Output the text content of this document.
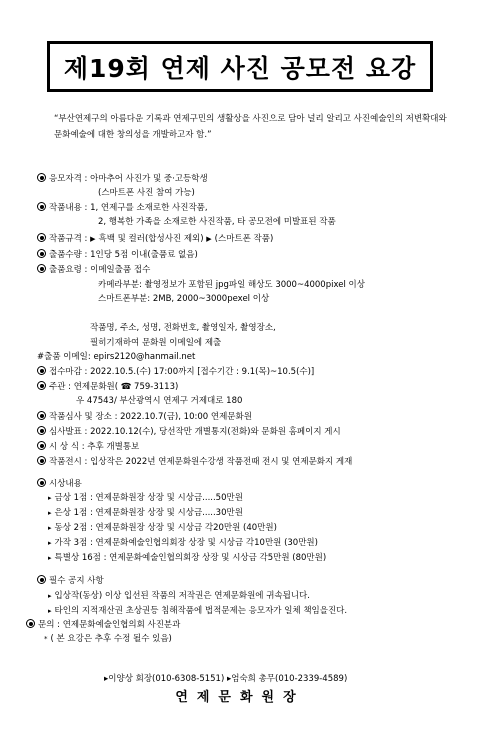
제19회 연제 사진 공모전 요강
“부산연제구의 아름다운 기록과 연제구민의 생활상을 사진으로 담아 널리 알리고 사진예술인의 저변확대와 문화예술에 대한 창의성을 개발하고자 함.”
응모자격 : 아마추어 사진가 및 중·고등학생
(스마트폰 사진 참여 가능)
작품내용 : 1, 연제구를 소재로한 사진작품,
2, 행복한 가족을 소재로한 사진작품, 타 공모전에 미발표된 작품
작품규격 : ▶ 흑백 및 컬러(합성사진 제외) ▶ (스마트폰 작품)
출품수량 : 1인당 5점 이내(출품료 없음)
출품요령 : 이메일출품 접수
카메라부분: 촬영정보가 포함된 jpg파일 해상도 3000~4000pixel 이상
스마트폰부분: 2MB, 2000~3000pexel 이상
작품명, 주소, 성명, 전화번호, 촬영일자, 촬영장소,
필히기재하여 문화원 이메일에 제출
#출품 이메일: epirs2120@hanmail.net
접수마감 : 2022.10.5.(수) 17:00까지 [접수기간 : 9.1(목)~10.5(수)]
주관 : 연제문화원( ☎ 759-3113)
우 47543/ 부산광역시 연제구 거제대로 180
작품심사 및 장소 : 2022.10.7(금), 10:00 연제문화원
심사발표 : 2022.10.12(수), 당선작만 개별통지(전화)와 문화원 홈페이지 게시
시 상 식 : 추후 개별통보
작품전시 : 입상작은 2022년 연제문화원수강생 작품전때 전시 및 연제문화지 게재
시상내용
▸ 금상 1점 : 연제문화원장 상장 및 시상금.....50만원
▸ 은상 1점 : 연제문화원장 상장 및 시상금.....30만원
▸ 동상 2점 : 연제문화원장 상장 및 시상금 각20만원 (40만원)
▸ 가작 3점 : 연제문화예술인협의회장 상장 및 시상금 각10만원 (30만원)
▸ 특별상 16점 : 연제문화예술인협의회장 상장 및 시상금 각5만원 (80만원)
필수 공지 사항
▸ 입상작(동상) 이상 입선된 작품의 저작권은 연제문화원에 귀속됩니다.
▸ 타인의 지적재산권 초상권등 침해작품에 법적문제는 응모자가 일체 책임을진다.
문의 : 연제문화예술인협의회 사진분과
* ( 본 요강은 추후 수정 될수 있음)
▸이양상 회장(010-6308-5151) ▸엄숙희 총무(010-2339-4589)
연제문화원장
